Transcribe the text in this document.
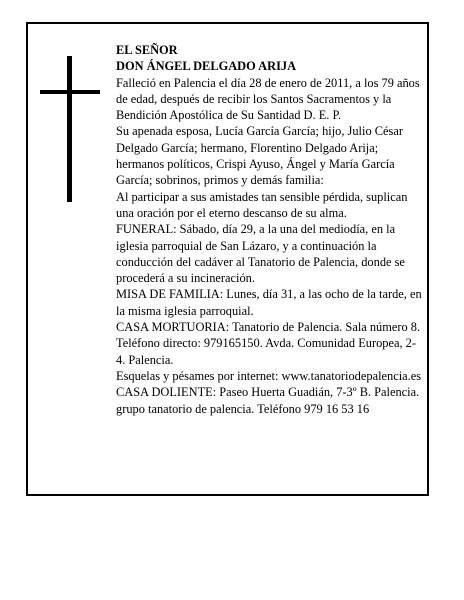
EL SEÑOR
DON ÁNGEL DELGADO ARIJA

Falleció en Palencia el día 28 de enero de 2011, a los 79 años de edad, después de recibir los Santos Sacramentos y la Bendición Apostólica de Su Santidad D. E. P.

Su apenada esposa, Lucía García García; hijo, Julio César Delgado García; hermano, Florentino Delgado Arija; hermanos políticos, Crispi Ayuso, Ángel y María García García; sobrinos, primos y demás familia:

Al participar a sus amistades tan sensible pérdida, suplican una oración por el eterno descanso de su alma.

FUNERAL: Sábado, día 29, a la una del mediodía, en la iglesia parroquial de San Lázaro, y a continuación la conducción del cadáver al Tanatorio de Palencia, donde se procederá a su incineración.

MISA DE FAMILIA: Lunes, día 31, a las ocho de la tarde, en la misma iglesia parroquial.

CASA MORTUORIA: Tanatorio de Palencia. Sala número 8. Teléfono directo: 979165150. Avda. Comunidad Europea, 2-4. Palencia.

Esquelas y pésames por internet: www.tanatoriodepalencia.es

CASA DOLIENTE: Paseo Huerta Guadián, 7-3º B. Palencia.

grupo tanatorio de palencia. Teléfono 979 16 53 16
